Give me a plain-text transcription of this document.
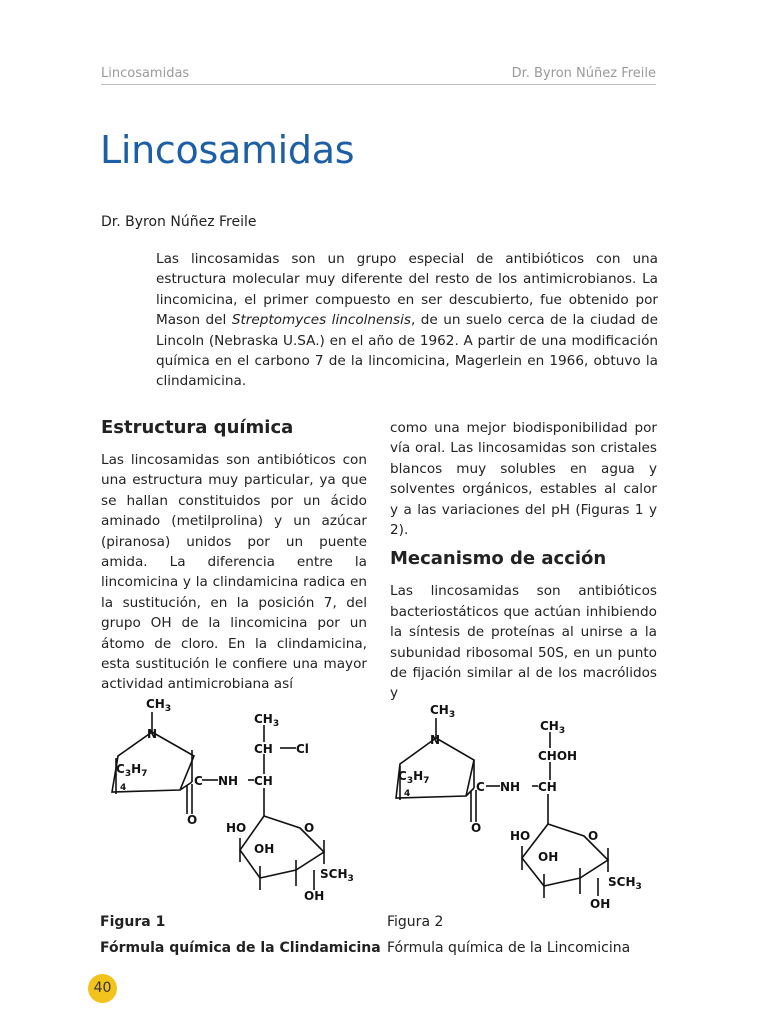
Lincosamidas	Dr. Byron Núñez Freile
Lincosamidas
Dr. Byron Núñez Freile

Las lincosamidas son un grupo especial de antibióticos con una estructura molecular muy diferente del resto de los antimicrobianos. La lincomicina, el primer compuesto en ser descubierto, fue obtenido por Mason del Streptomyces lincolnensis, de un suelo cerca de la ciudad de Lincoln (Nebraska U.SA.) en el año de 1962. A partir de una modificación química en el carbono 7 de la lincomicina, Magerlein en 1966, obtuvo la clindamicina.

Estructura química

Las lincosamidas son antibióticos con una estructura muy particular, ya que se hallan constituidos por un ácido aminado (metilprolina) y un azúcar (piranosa) unidos por un puente amida. La diferencia entre la lincomicina y la clindamicina radica en la sustitución, en la posición 7, del grupo OH de la lincomicina por un átomo de cloro. En la clindamicina, esta sustitución le confiere una mayor actividad antimicrobiana así

como una mejor biodisponibilidad por vía oral. Las lincosamidas son cristales blancos muy solubles en agua y solventes orgánicos, estables al calor y a las variaciones del pH (Figuras 1 y 2).

Mecanismo de acción

Las lincosamidas son antibióticos bacteriostáticos que actúan inhibiendo la síntesis de proteínas al unirse a la subunidad ribosomal 50S, en un punto de fijación similar al de los macrólidos y

$CH_3$
N
$C_3H_7$
4	C
O
NH CH
CH Cl
$CH_3$
HO	O
OH
$SCH_3$
OH
$CH_3$
N
$C_3H_7$
4	C
O
NH CH
CHOH
$CH_3$
HO	O
OH
$SCH_3$
OH
Figura 1
Fórmula química de la Clindamicina
Figura 2
Fórmula química de la Lincomicina
40
